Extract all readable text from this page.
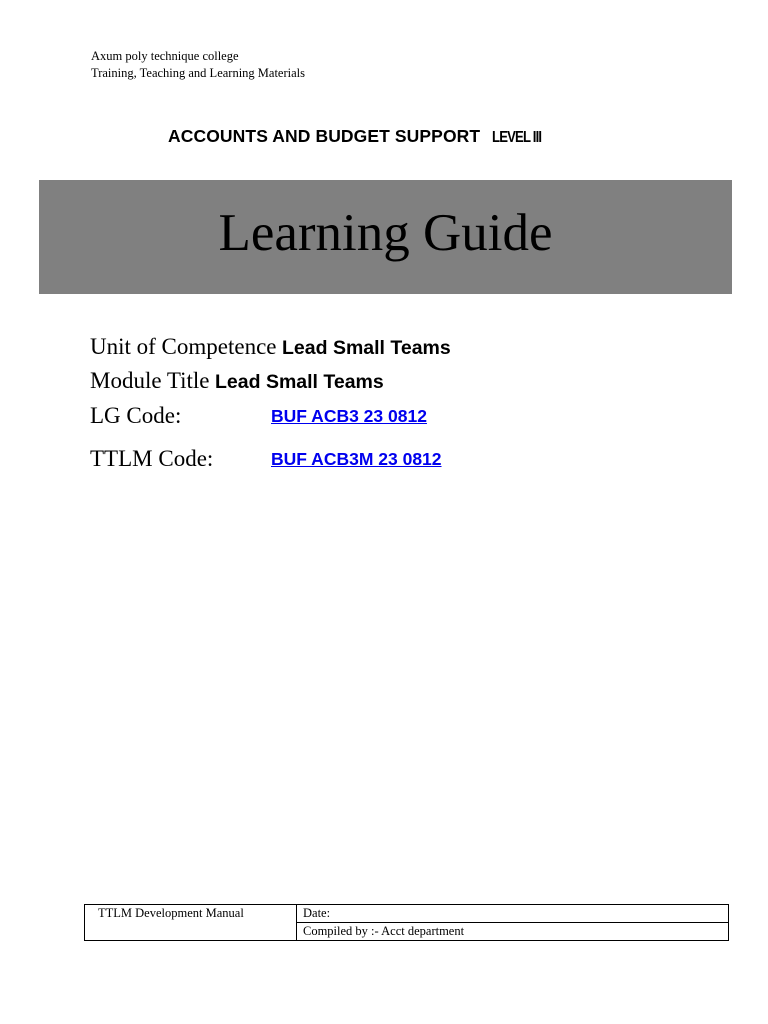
Axum poly technique college
Training, Teaching and Learning Materials
ACCOUNTS AND BUDGET SUPPORT LEVEL III
Learning Guide
Unit of Competence Lead Small Teams
Module Title Lead Small Teams
LG Code:	BUF ACB3 23 0812
TTLM Code:	BUF ACB3M 23 0812
TTLM Development Manual	Date:
Compiled by :- Acct department
